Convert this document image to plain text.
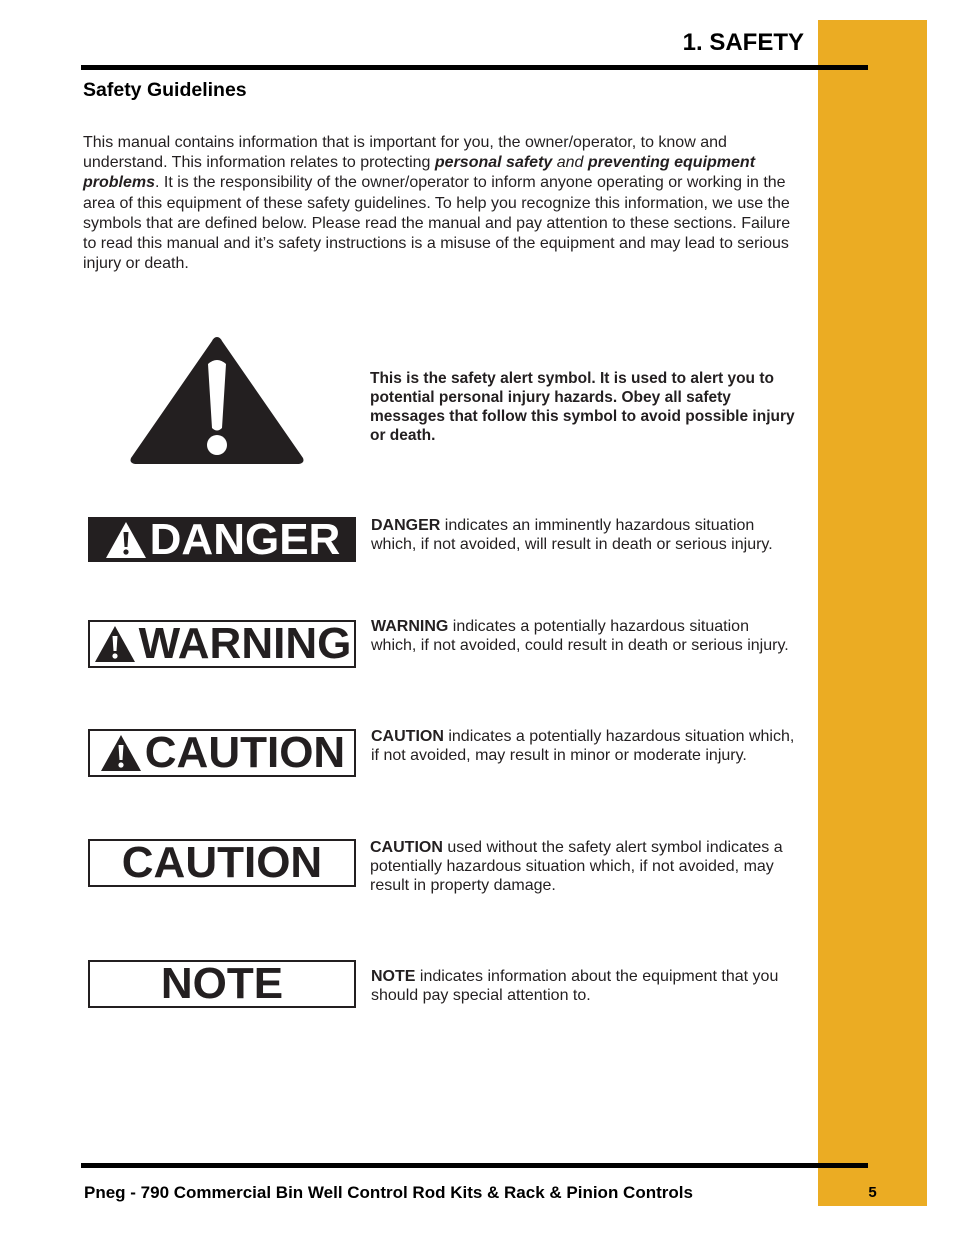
1. SAFETY
Safety Guidelines

This manual contains information that is important for you, the owner/operator, to know and understand. This information relates to protecting personal safety and preventing equipment problems. It is the responsibility of the owner/operator to inform anyone operating or working in the area of this equipment of these safety guidelines. To help you recognize this information, we use the symbols that are defined below. Please read the manual and pay attention to these sections. Failure to read this manual and it’s safety instructions is a misuse of the equipment and may lead to serious injury or death.

This is the safety alert symbol. It is used to alert you to potential personal injury hazards. Obey all safety messages that follow this symbol to avoid possible injury or death.

DANGER DANGER indicates an imminently hazardous situation which, if not avoided, will result in death or serious injury.

WARNING WARNING indicates a potentially hazardous situation which, if not avoided, could result in death or serious injury.

CAUTION CAUTION indicates a potentially hazardous situation which, if not avoided, may result in minor or moderate injury.

CAUTION	CAUTION used without the safety alert symbol indicates a potentially hazardous situation which, if not avoided, may result in property damage.

NOTE	NOTE indicates information about the equipment that you should pay special attention to.

Pneg - 790 Commercial Bin Well Control Rod Kits & Rack & Pinion Controls	5
